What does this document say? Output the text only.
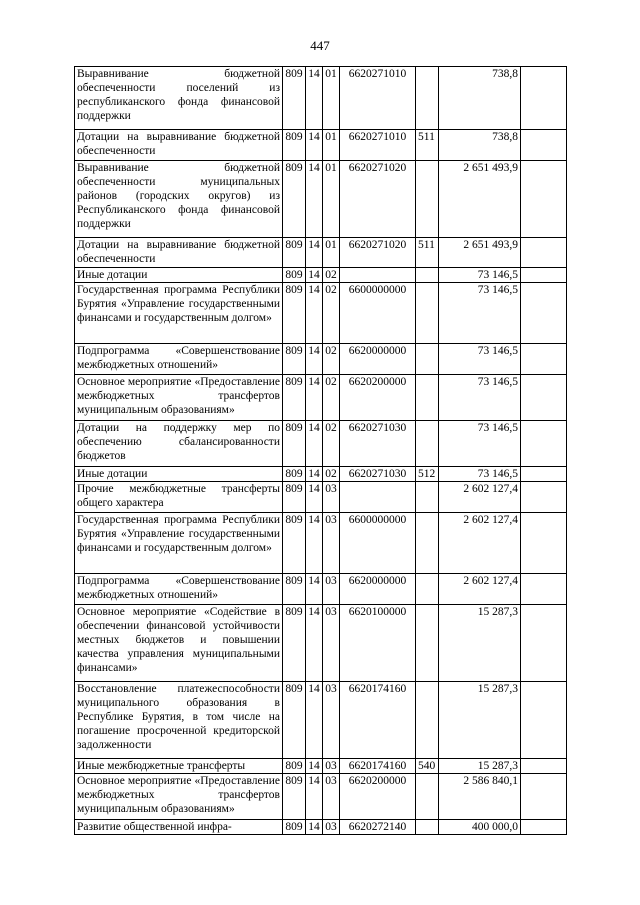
447
Выравнивание бюджетной обеспеченности поселений из республиканского фонда финансовой поддержки	809	14	01	6620271010		738,8	
Дотации на выравнивание бюджетной обеспеченности	809	14	01	6620271010	511	738,8	
Выравнивание бюджетной обеспеченности муниципальных районов (городских округов) из Республиканского фонда финансовой поддержки	809	14	01	6620271020		2 651 493,9	
Дотации на выравнивание бюджетной обеспеченности	809	14	01	6620271020	511	2 651 493,9	
Иные дотации	809	14	02			73 146,5	
Государственная программа Республики Бурятия «Управление государственными финансами и государственным долгом»	809	14	02	6600000000		73 146,5	
Подпрограмма «Совершенствование межбюджетных отношений»	809	14	02	6620000000		73 146,5	
Основное мероприятие «Предоставление межбюджетных трансфертов муниципальным образованиям»	809	14	02	6620200000		73 146,5	
Дотации на поддержку мер по обеспечению сбалансированности бюджетов	809	14	02	6620271030		73 146,5	
Иные дотации	809	14	02	6620271030	512	73 146,5	
Прочие межбюджетные трансферты общего характера	809	14	03			2 602 127,4	
Государственная программа Республики Бурятия «Управление государственными финансами и государственным долгом»	809	14	03	6600000000		2 602 127,4	
Подпрограмма «Совершенствование межбюджетных отношений»	809	14	03	6620000000		2 602 127,4	
Основное мероприятие «Содействие в обеспечении финансовой устойчивости местных бюджетов и повышении качества управления муниципальными финансами»	809	14	03	6620100000		15 287,3	
Восстановление платежеспособности муниципального образования в Республике Бурятия, в том числе на погашение просроченной кредиторской задолженности	809	14	03	6620174160		15 287,3	
Иные межбюджетные трансферты	809	14	03	6620174160	540	15 287,3	
Основное мероприятие «Предоставление межбюджетных трансфертов муниципальным образованиям»	809	14	03	6620200000		2 586 840,1	
Развитие общественной инфра-	809	14	03	6620272140		400 000,0	
